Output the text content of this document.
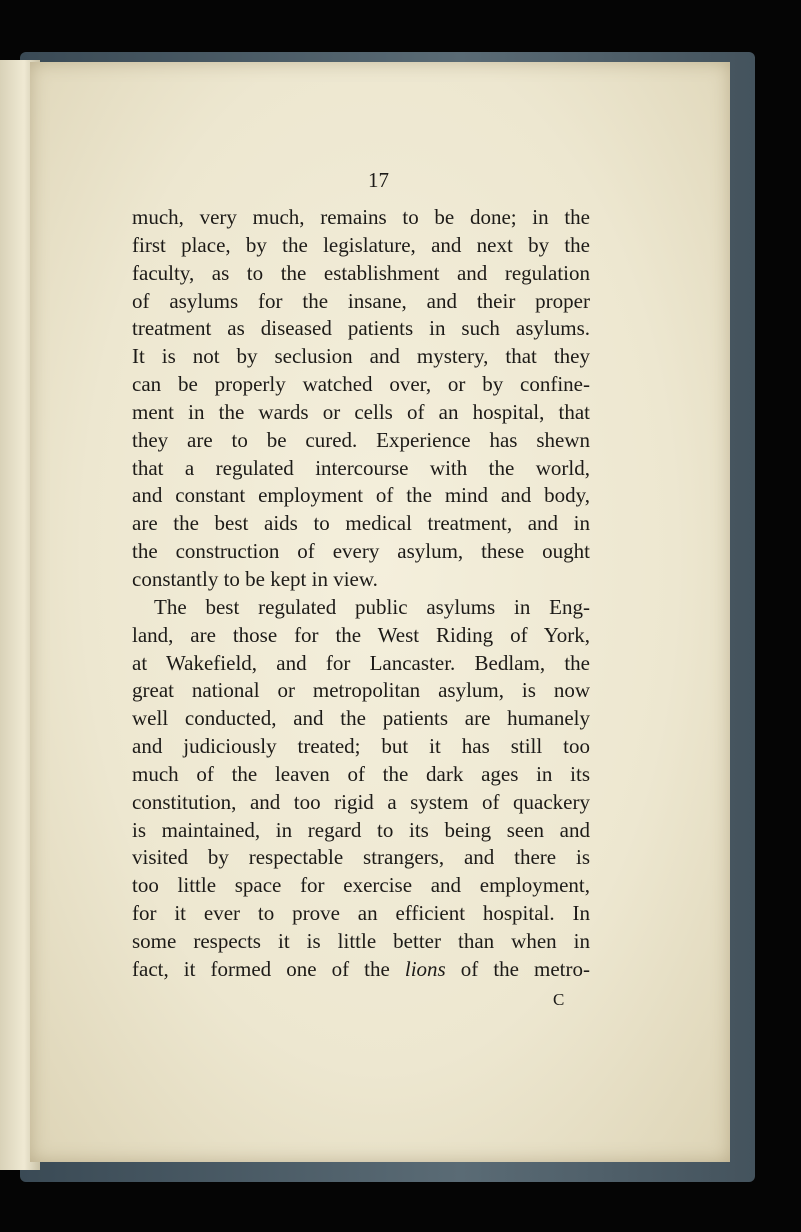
17
much, very much, remains to be done; in the
first place, by the legislature, and next by the
faculty, as to the establishment and regulation
of asylums for the insane, and their proper
treatment as diseased patients in such asylums.
It is not by seclusion and mystery, that they
can be properly watched over, or by confine-
ment in the wards or cells of an hospital, that
they are to be cured. Experience has shewn
that a regulated intercourse with the world,
and constant employment of the mind and body,
are the best aids to medical treatment, and in
the construction of every asylum, these ought
constantly to be kept in view.
The best regulated public asylums in Eng-
land, are those for the West Riding of York,
at Wakefield, and for Lancaster. Bedlam, the
great national or metropolitan asylum, is now
well conducted, and the patients are humanely
and judiciously treated; but it has still too
much of the leaven of the dark ages in its
constitution, and too rigid a system of quackery
is maintained, in regard to its being seen and
visited by respectable strangers, and there is
too little space for exercise and employment,
for it ever to prove an efficient hospital. In
some respects it is little better than when in
fact, it formed one of the lions of the metro-
C
